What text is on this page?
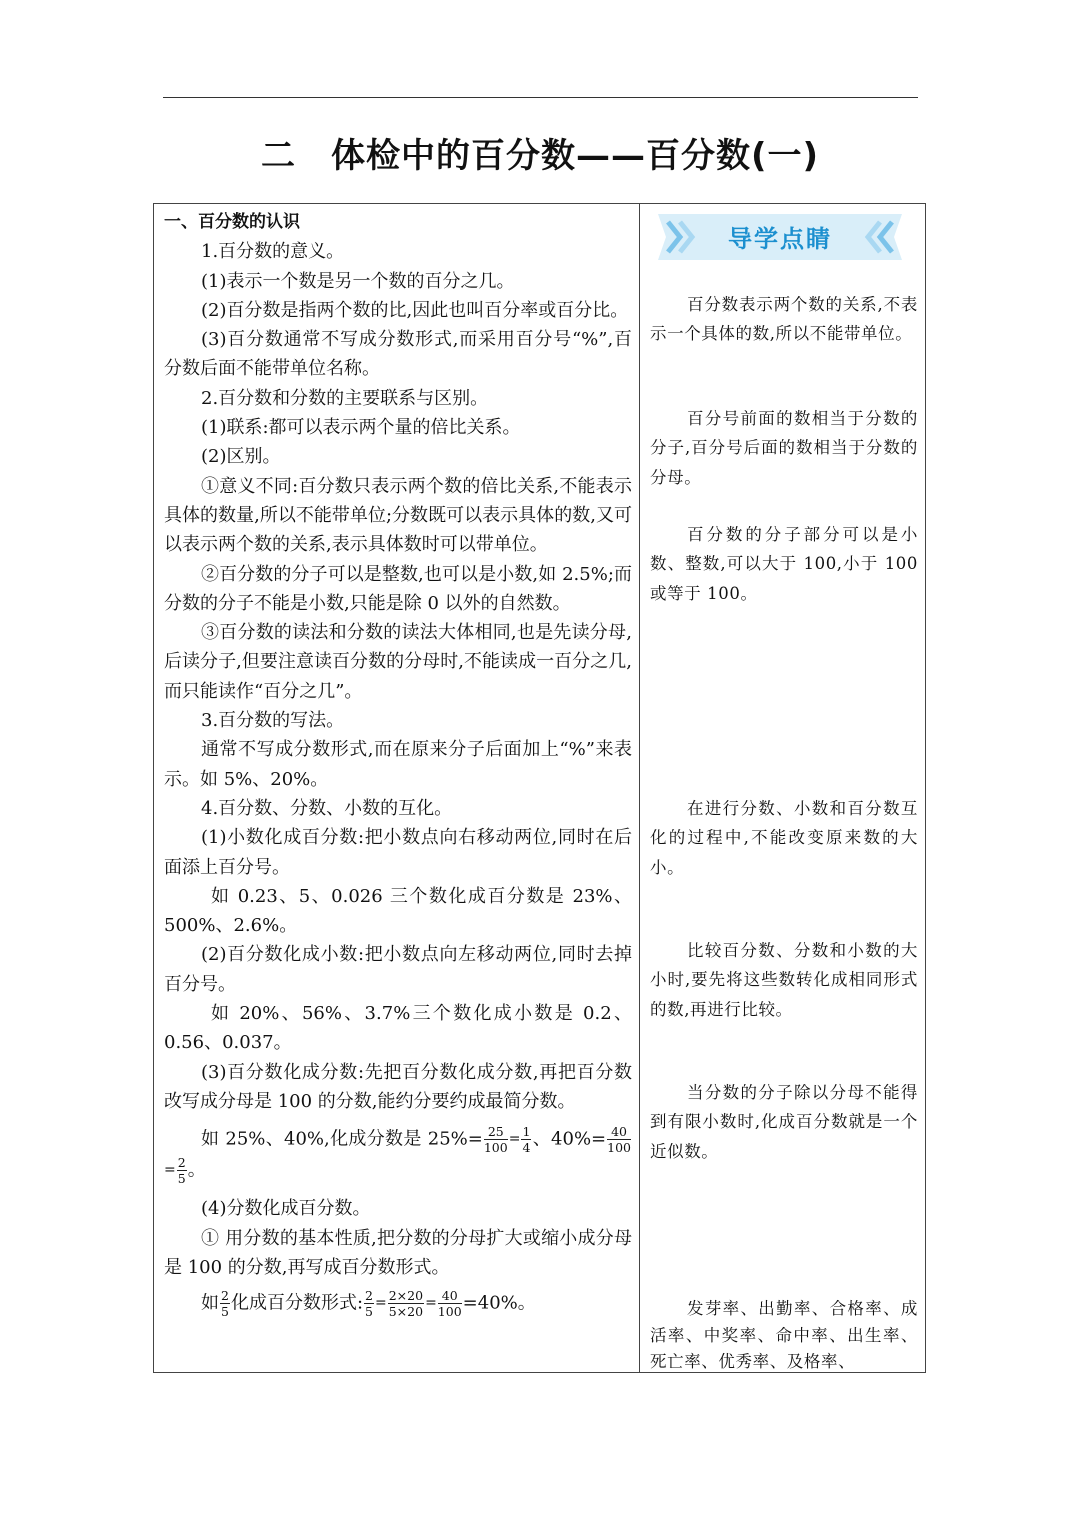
二　体检中的百分数——百分数(一)

一、百分数的认识

1.百分数的意义。

(1)表示一个数是另一个数的百分之几。

(2)百分数是指两个数的比,因此也叫百分率或百分比。

(3)百分数通常不写成分数形式,而采用百分号“%”,百分数后面不能带单位名称。

2.百分数和分数的主要联系与区别。

(1)联系:都可以表示两个量的倍比关系。

(2)区别。

①意义不同:百分数只表示两个数的倍比关系,不能表示具体的数量,所以不能带单位;分数既可以表示具体的数,又可以表示两个数的关系,表示具体数时可以带单位。

②百分数的分子可以是整数,也可以是小数,如 2.5%;而分数的分子不能是小数,只能是除 0 以外的自然数。

③百分数的读法和分数的读法大体相同,也是先读分母,后读分子,但要注意读百分数的分母时,不能读成一百分之几,而只能读作“百分之几”。

3.百分数的写法。

通常不写成分数形式,而在原来分子后面加上“%”来表示。如 5%、20%。

4.百分数、分数、小数的互化。

(1)小数化成百分数:把小数点向右移动两位,同时在后面添上百分号。

如 0.23、5、0.026 三个数化成百分数是 23%、500%、2.6%。

(2)百分数化成小数:把小数点向左移动两位,同时去掉百分号。

如 20%、56%、3.7%三个数化成小数是 0.2、0.56、0.037。

(3)百分数化成分数:先把百分数化成分数,再把百分数改写成分母是 100 的分数,能约分要约成最简分数。

如 25%、40%,化成分数是 $25\%= \frac{25}{100} = \frac{1}{4}$ 、$40\%= \frac{40}{100}$
= $\frac{2}{5}$ 。

(4)分数化成百分数。

① 用分数的基本性质,把分数的分母扩大或缩小成分母是 100 的分数,再写成百分数形式。

如 $\frac{2}{5}$ 化成百分数形式: $\frac{2}{5} = \frac{2\times 20}{5\times 20} = \frac{40}{100} =40\%$。

导学点睛
百分数表示两个数的关系,不表示一个具体的数,所以不能带单位。
百分号前面的数相当于分数的分子,百分号后面的数相当于分数的分母。
百分数的分子部分可以是小数、整数,可以大于 100,小于 100 或等于 100。
在进行分数、小数和百分数互化的过程中,不能改变原来数的大小。
比较百分数、分数和小数的大小时,要先将这些数转化成相同形式的数,再进行比较。
当分数的分子除以分母不能得到有限小数时,化成百分数就是一个近似数。
发芽率、出勤率、合格率、成活率、中奖率、命中率、出生率、死亡率、优秀率、及格率、
